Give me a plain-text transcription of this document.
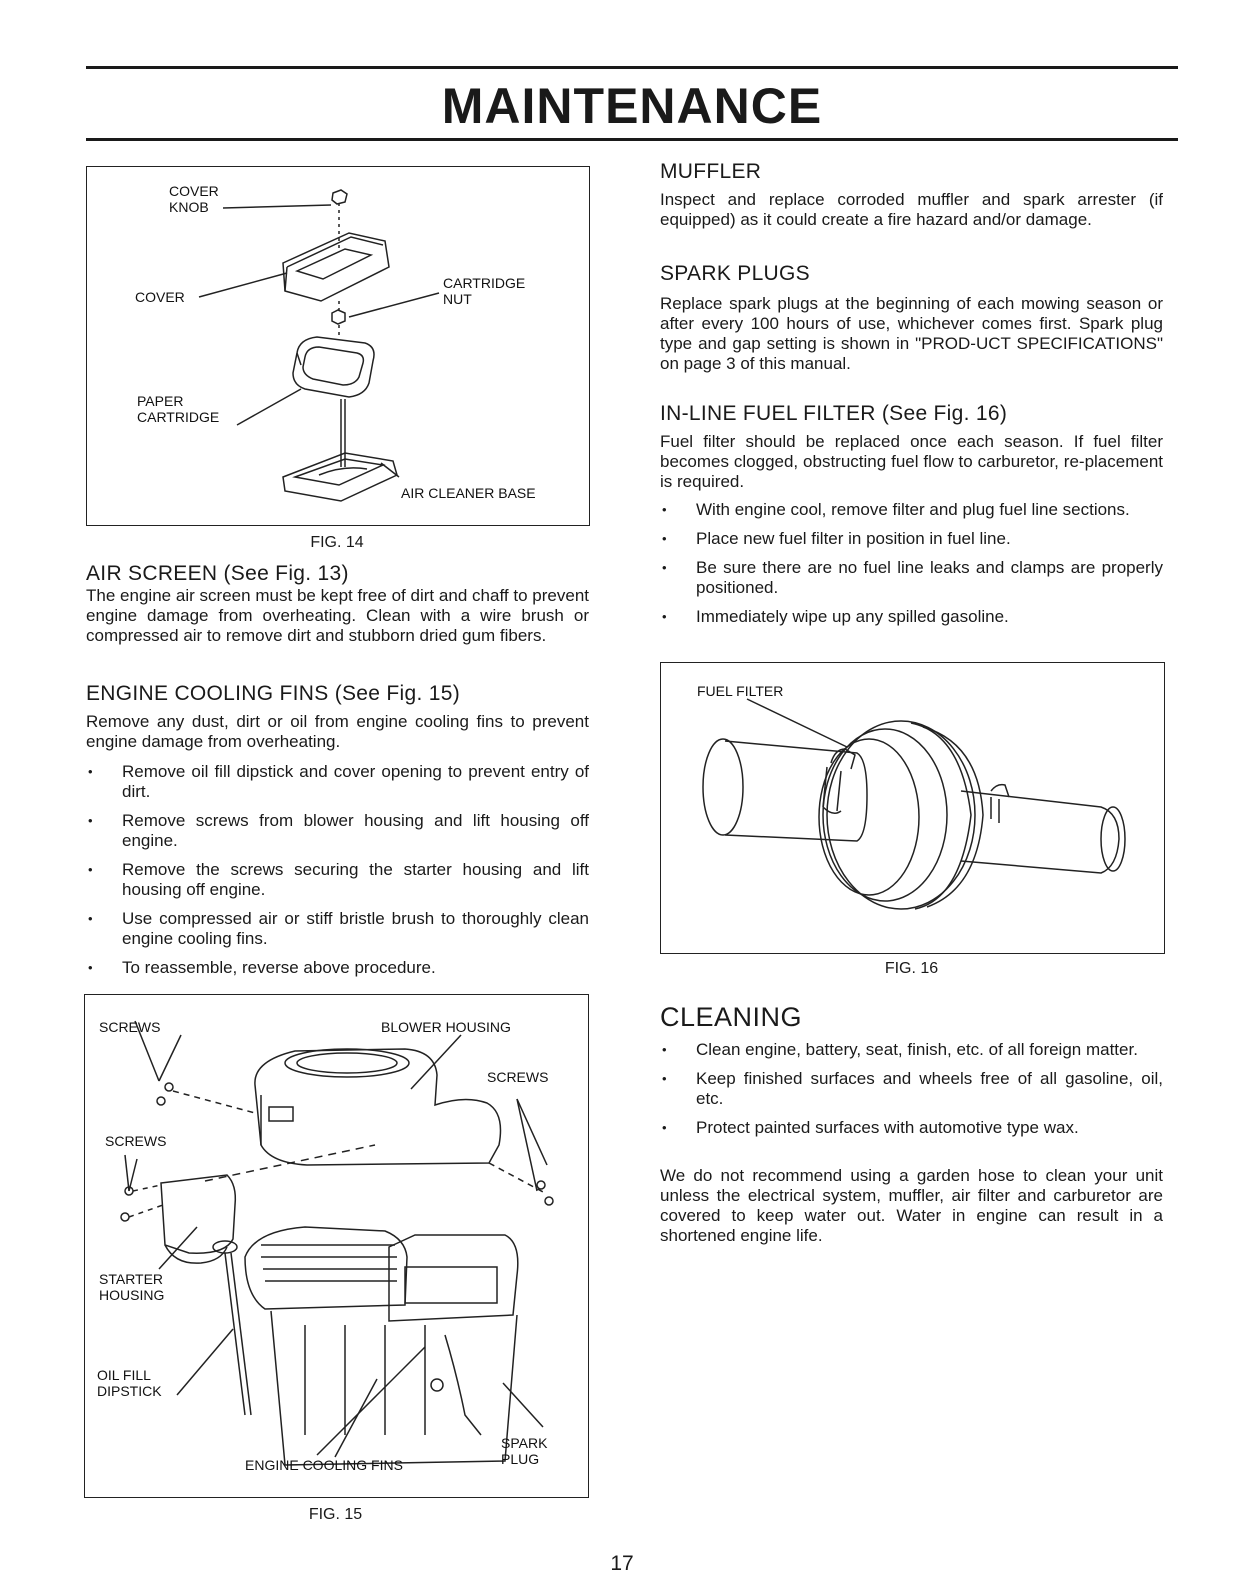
MAINTENANCE
COVER
KNOB
COVER
CARTRIDGE
NUT
PAPER
CARTRIDGE
AIR CLEANER BASE
FIG. 14
AIR SCREEN (See Fig. 13)

The engine air screen must be kept free of dirt and chaff to prevent engine damage from overheating. Clean with a wire brush or compressed air to remove dirt and stubborn dried gum fibers.

ENGINE COOLING FINS (See Fig. 15)

Remove any dust, dirt or oil from engine cooling fins to prevent engine damage from overheating.

• Remove oil fill dipstick and cover opening to prevent entry of dirt.
• Remove screws from blower housing and lift housing off engine.
• Remove the screws securing the starter housing and lift housing off engine.
• Use compressed air or stiff bristle brush to thoroughly clean engine cooling fins.
• To reassemble, reverse above procedure.
SCREWS	BLOWER HOUSING
SCREWS
SCREWS
STARTER
HOUSING
OIL FILL
DIPSTICK
ENGINE COOLING FINS
SPARK
PLUG
FIG. 15
MUFFLER

Inspect and replace corroded muffler and spark arrester (if equipped) as it could create a fire hazard and/or damage.

SPARK PLUGS

Replace spark plugs at the beginning of each mowing season or after every 100 hours of use, whichever comes first. Spark plug type and gap setting is shown in "PROD-UCT SPECIFICATIONS" on page 3 of this manual.

IN-LINE FUEL FILTER (See Fig. 16)

Fuel filter should be replaced once each season. If fuel filter becomes clogged, obstructing fuel flow to carburetor, re-placement is required.

• With engine cool, remove filter and plug fuel line sections.
• Place new fuel filter in position in fuel line.
• Be sure there are no fuel line leaks and clamps are properly positioned.
• Immediately wipe up any spilled gasoline.
FUEL FILTER
FIG. 16
CLEANING
• Clean engine, battery, seat, finish, etc. of all foreign matter.
• Keep finished surfaces and wheels free of all gasoline, oil, etc.
• Protect painted surfaces with automotive type wax.

We do not recommend using a garden hose to clean your unit unless the electrical system, muffler, air filter and carburetor are covered to keep water out. Water in engine can result in a shortened engine life.

17
